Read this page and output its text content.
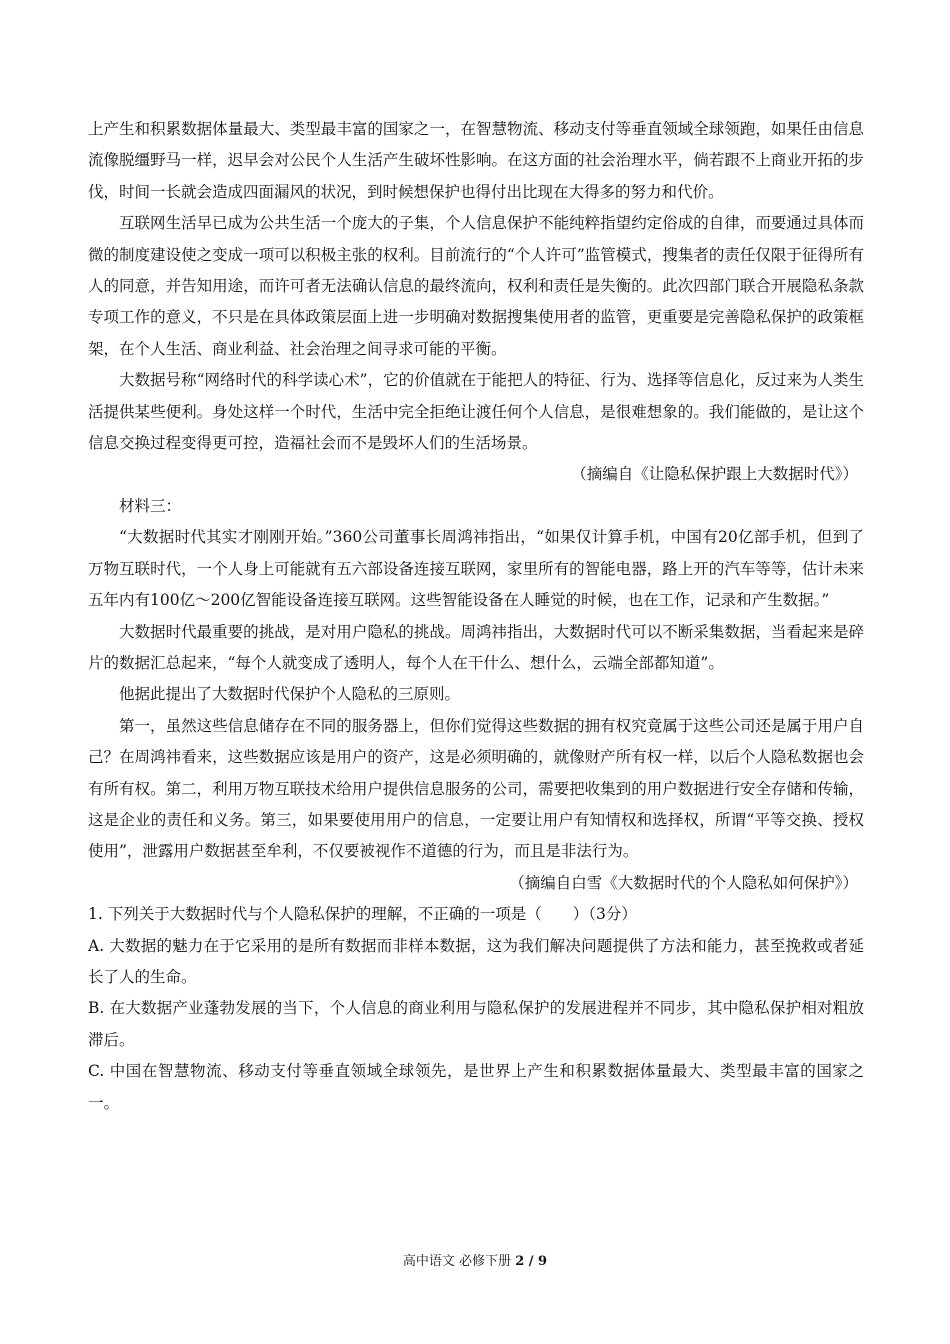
上产生和积累数据体量最大、类型最丰富的国家之一，在智慧物流、移动支付等垂直领域全球领跑，如果任由信息流像脱缰野马一样，迟早会对公民个人生活产生破坏性影响。在这方面的社会治理水平，倘若跟不上商业开拓的步伐，时间一长就会造成四面漏风的状况，到时候想保护也得付出比现在大得多的努力和代价。

互联网生活早已成为公共生活一个庞大的子集，个人信息保护不能纯粹指望约定俗成的自律，而要通过具体而微的制度建设使之变成一项可以积极主张的权利。目前流行的“个人许可”监管模式，搜集者的责任仅限于征得所有人的同意，并告知用途，而许可者无法确认信息的最终流向，权利和责任是失衡的。此次四部门联合开展隐私条款专项工作的意义，不只是在具体政策层面上进一步明确对数据搜集使用者的监管，更重要是完善隐私保护的政策框架，在个人生活、商业利益、社会治理之间寻求可能的平衡。

大数据号称“网络时代的科学读心术”，它的价值就在于能把人的特征、行为、选择等信息化，反过来为人类生活提供某些便利。身处这样一个时代，生活中完全拒绝让渡任何个人信息，是很难想象的。我们能做的，是让这个信息交换过程变得更可控，造福社会而不是毁坏人们的生活场景。

（摘编自《让隐私保护跟上大数据时代》）

材料三：

“大数据时代其实才刚刚开始。”360公司董事长周鸿祎指出，“如果仅计算手机，中国有20亿部手机，但到了万物互联时代，一个人身上可能就有五六部设备连接互联网，家里所有的智能电器，路上开的汽车等等，估计未来五年内有100亿～200亿智能设备连接互联网。这些智能设备在人睡觉的时候，也在工作，记录和产生数据。”

大数据时代最重要的挑战，是对用户隐私的挑战。周鸿祎指出，大数据时代可以不断采集数据，当看起来是碎片的数据汇总起来，“每个人就变成了透明人，每个人在干什么、想什么，云端全部都知道”。

他据此提出了大数据时代保护个人隐私的三原则。

第一，虽然这些信息储存在不同的服务器上，但你们觉得这些数据的拥有权究竟属于这些公司还是属于用户自己？在周鸿祎看来，这些数据应该是用户的资产，这是必须明确的，就像财产所有权一样，以后个人隐私数据也会有所有权。第二，利用万物互联技术给用户提供信息服务的公司，需要把收集到的用户数据进行安全存储和传输，这是企业的责任和义务。第三，如果要使用用户的信息，一定要让用户有知情权和选择权，所谓“平等交换、授权使用”，泄露用户数据甚至牟利，不仅要被视作不道德的行为，而且是非法行为。

（摘编自白雪《大数据时代的个人隐私如何保护》）

1. 下列关于大数据时代与个人隐私保护的理解，不正确的一项是（　　）（3分）

A. 大数据的魅力在于它采用的是所有数据而非样本数据，这为我们解决问题提供了方法和能力，甚至挽救或者延长了人的生命。

B. 在大数据产业蓬勃发展的当下，个人信息的商业利用与隐私保护的发展进程并不同步，其中隐私保护相对粗放滞后。

C. 中国在智慧物流、移动支付等垂直领域全球领先，是世界上产生和积累数据体量最大、类型最丰富的国家之一。

高中语文 必修下册 2 / 9
